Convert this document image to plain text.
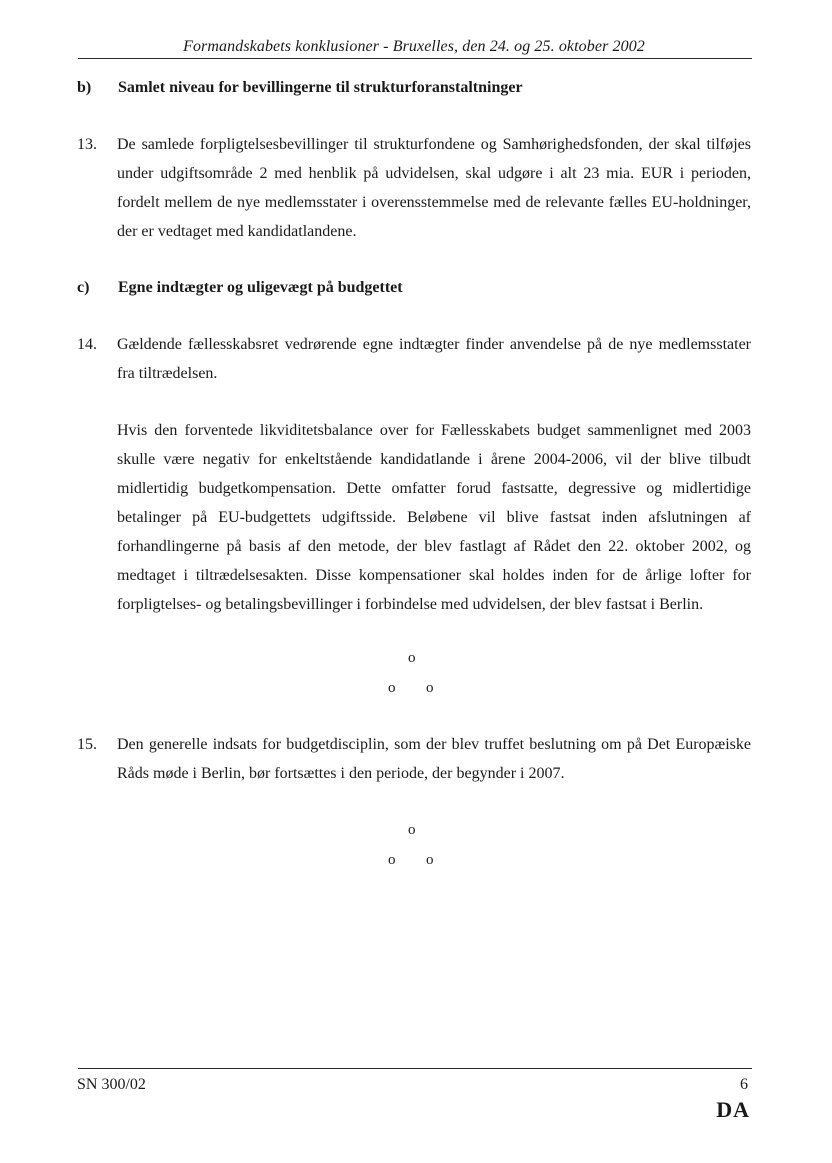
Formandskabets konklusioner - Bruxelles, den 24. og 25. oktober 2002
b) Samlet niveau for bevillingerne til strukturforanstaltninger
13. De samlede forpligtelsesbevillinger til strukturfondene og Samhørighedsfonden, der skal tilføjes under udgiftsområde 2 med henblik på udvidelsen, skal udgøre i alt 23 mia. EUR i perioden, fordelt mellem de nye medlemsstater i overensstemmelse med de relevante fælles EU-holdninger, der er vedtaget med kandidatlandene.
c) Egne indtægter og uligevægt på budgettet
14. Gældende fællesskabsret vedrørende egne indtægter finder anvendelse på de nye medlemsstater fra tiltrædelsen.
Hvis den forventede likviditetsbalance over for Fællesskabets budget sammenlignet med 2003 skulle være negativ for enkeltstående kandidatlande i årene 2004-2006, vil der blive tilbudt midlertidig budgetkompensation. Dette omfatter forud fastsatte, degressive og midlertidige betalinger på EU-budgettets udgiftsside. Beløbene vil blive fastsat inden afslutningen af forhandlingerne på basis af den metode, der blev fastlagt af Rådet den 22. oktober 2002, og medtaget i tiltrædelsesakten. Disse kompensationer skal holdes inden for de årlige lofter for forpligtelses- og betalingsbevillinger i forbindelse med udvidelsen, der blev fastsat i Berlin.
o
o o
15. Den generelle indsats for budgetdisciplin, som der blev truffet beslutning om på Det Europæiske Råds møde i Berlin, bør fortsættes i den periode, der begynder i 2007.
o
o o
SN 300/02	6
DA
